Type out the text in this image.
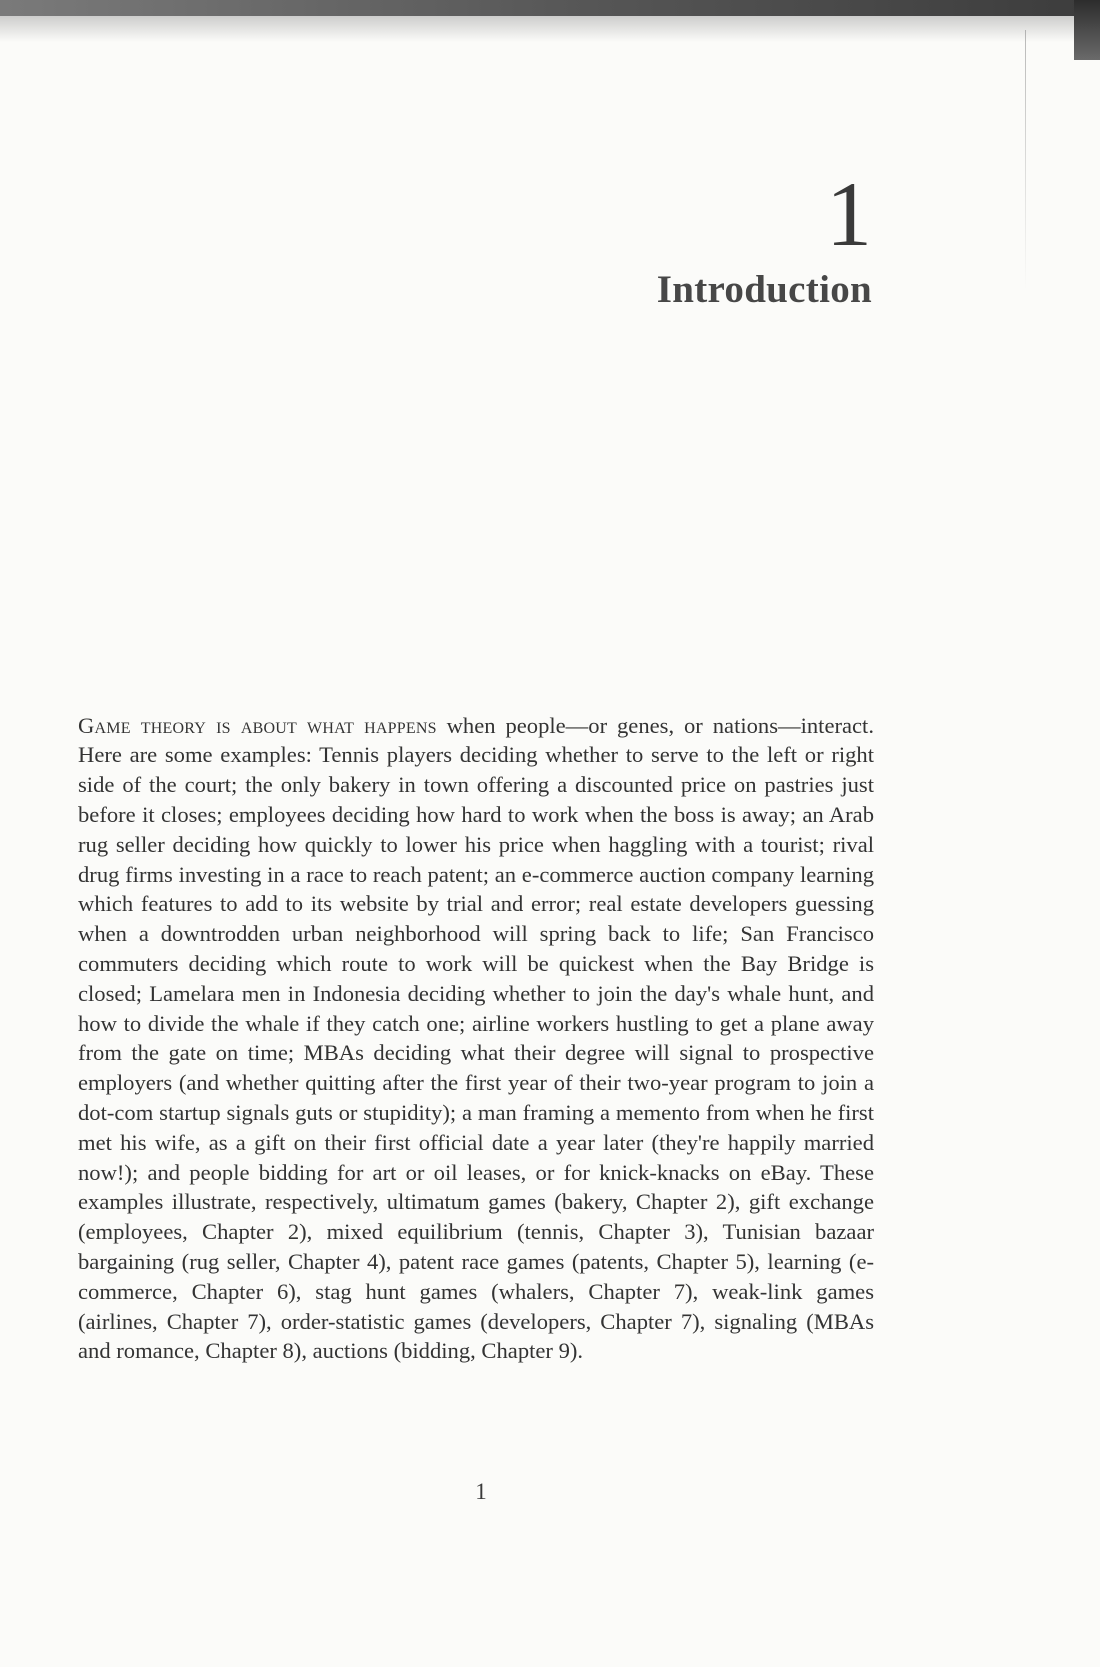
1
Introduction

Game theory is about what happens when people—or genes, or nations—interact. Here are some examples: Tennis players deciding whether to serve to the left or right side of the court; the only bakery in town offering a discounted price on pastries just before it closes; employees deciding how hard to work when the boss is away; an Arab rug seller deciding how quickly to lower his price when haggling with a tourist; rival drug firms investing in a race to reach patent; an e-commerce auction company learning which features to add to its website by trial and error; real estate developers guessing when a downtrodden urban neighborhood will spring back to life; San Francisco commuters deciding which route to work will be quickest when the Bay Bridge is closed; Lamelara men in Indonesia deciding whether to join the day's whale hunt, and how to divide the whale if they catch one; airline workers hustling to get a plane away from the gate on time; MBAs deciding what their degree will signal to prospective employers (and whether quitting after the first year of their two-year program to join a dot-com startup signals guts or stupidity); a man framing a memento from when he first met his wife, as a gift on their first official date a year later (they're happily married now!); and people bidding for art or oil leases, or for knick-knacks on eBay. These examples illustrate, respectively, ultimatum games (bakery, Chapter 2), gift exchange (employees, Chapter 2), mixed equilibrium (tennis, Chapter 3), Tunisian bazaar bargaining (rug seller, Chapter 4), patent race games (patents, Chapter 5), learning (e-commerce, Chapter 6), stag hunt games (whalers, Chapter 7), weak-link games (airlines, Chapter 7), order-statistic games (developers, Chapter 7), signaling (MBAs and romance, Chapter 8), auctions (bidding, Chapter 9).

1
